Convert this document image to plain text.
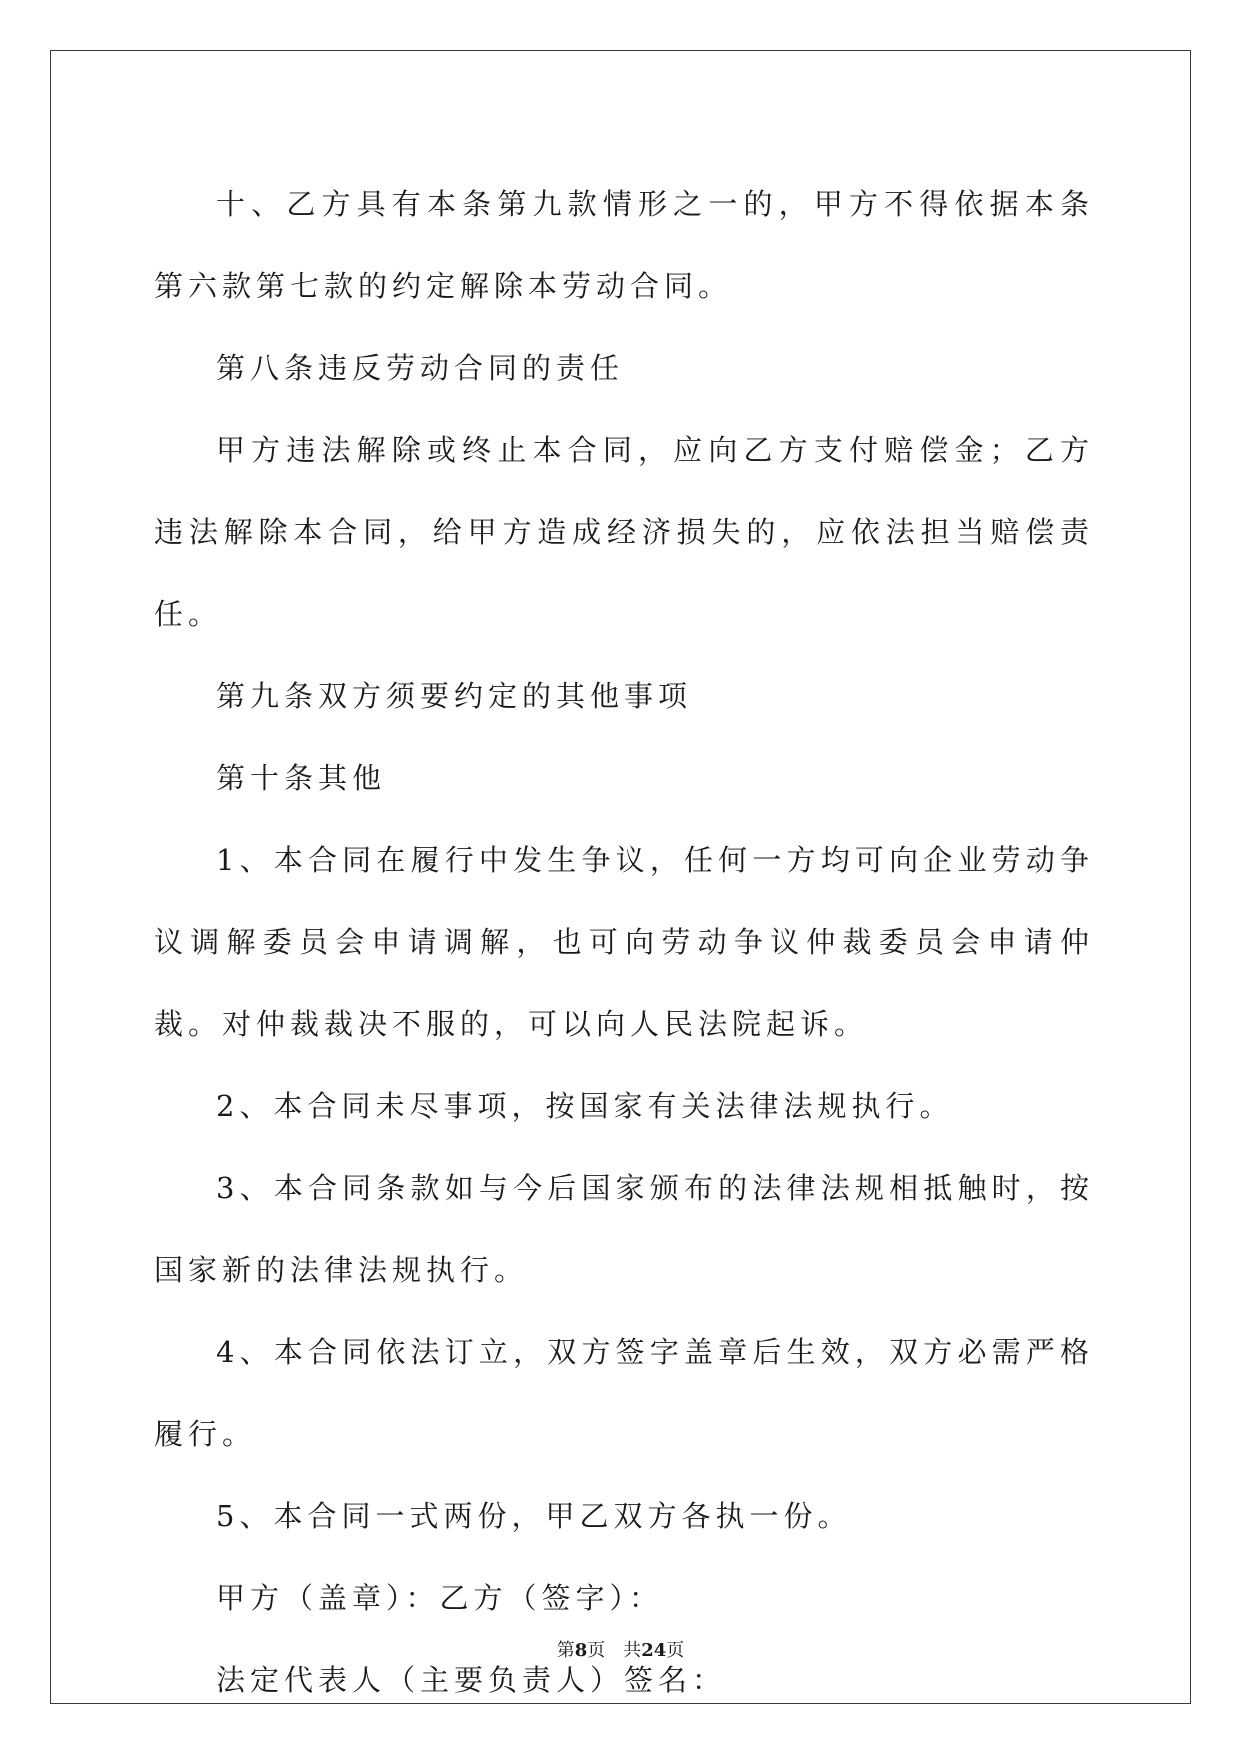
十、乙方具有本条第九款情形之一的，甲方不得依据本条第六款第七款的约定解除本劳动合同。

第八条违反劳动合同的责任

甲方违法解除或终止本合同，应向乙方支付赔偿金；乙方违法解除本合同，给甲方造成经济损失的，应依法担当赔偿责任。

第九条双方须要约定的其他事项

第十条其他

1、本合同在履行中发生争议，任何一方均可向企业劳动争议调解委员会申请调解，也可向劳动争议仲裁委员会申请仲裁。对仲裁裁决不服的，可以向人民法院起诉。

2、本合同未尽事项，按国家有关法律法规执行。

3、本合同条款如与今后国家颁布的法律法规相抵触时，按国家新的法律法规执行。

4、本合同依法订立，双方签字盖章后生效，双方必需严格履行。

5、本合同一式两份，甲乙双方各执一份。

甲方（盖章）：乙方（签字）：

法定代表人（主要负责人）签名：

第8页 共24页
